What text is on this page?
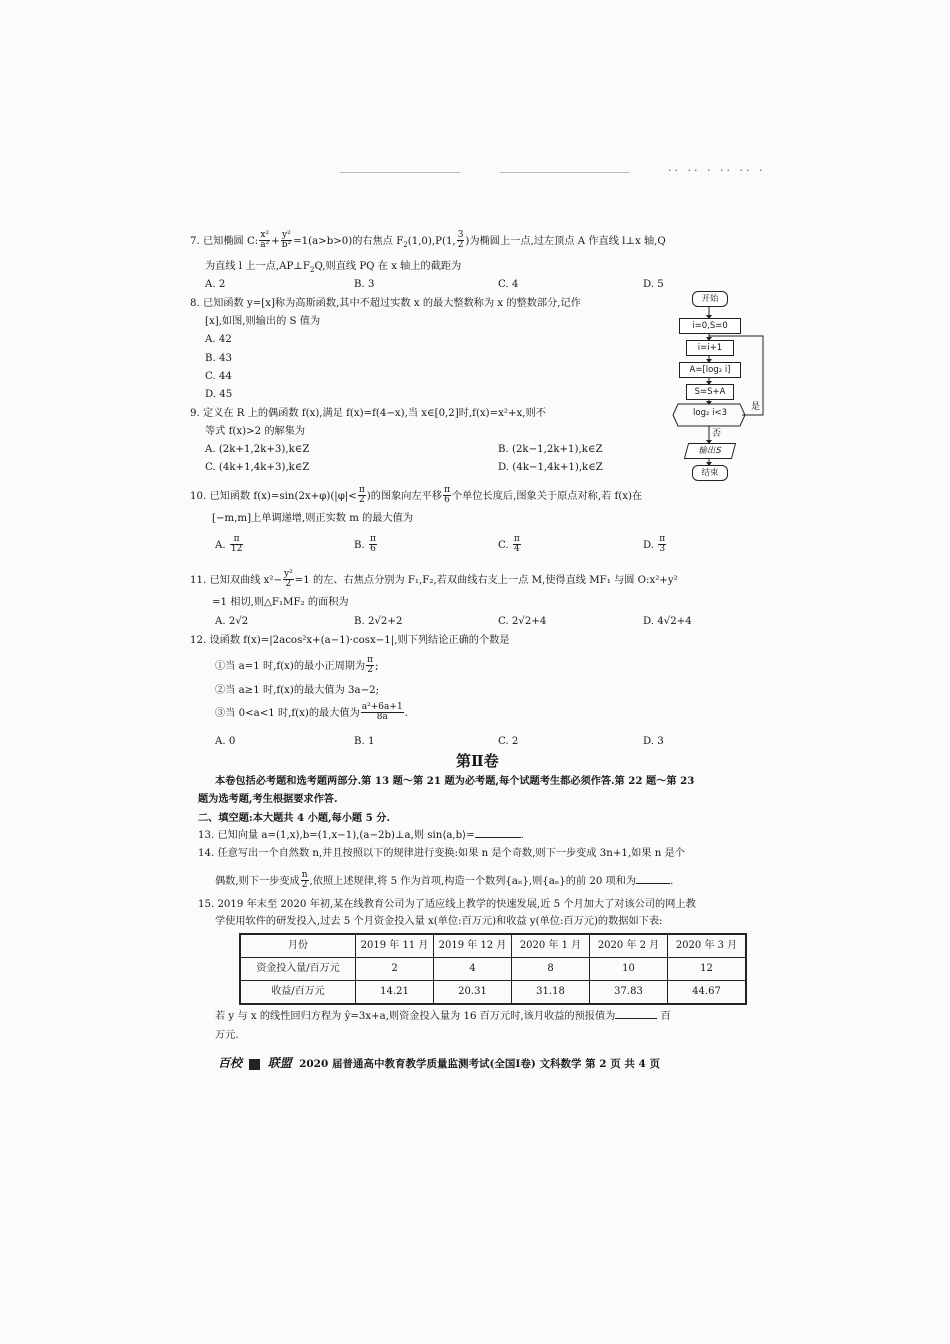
·· ·· · ·· ·· ·
7. 已知椭圆 C: $\frac{\text{x²}}{\text{a²}} + \frac{\text{y²}}{\text{b²}} =1(a>b>0)$的右焦点 $F_2(1,0),P(1$, $\frac{3}{2}$ )为椭圆上一点,过左顶点 A 作直线 l⊥x 轴,Q
为直线 l 上一点$,AP\perp F_2Q$,则直线 PQ 在 x 轴上的截距为
A. 2	B. 3	C. 4	D. 5
8. 已知函数 y=[x]称为高斯函数,其中不超过实数 x 的最大整数称为 x 的整数部分,记作
[x],如图,则输出的 S 值为
A. 42
B. 43
C. 44
D. 45
开始
i=0,S=0
i=i+1
A=[log₂ i]
S=S+A
log₂ i<3
是
否
输出S
结束
9. 定义在 R 上的偶函数 f(x),满足 f(x)=f(4−x),当 x∈[0,2]时,f(x)=x²+x,则不
等式 f(x)>2 的解集为
A. (2k+1,2k+3),k∈Z	B. (2k−1,2k+1),k∈Z
C. (4k+1,4k+3),k∈Z	D. (4k−1,4k+1),k∈Z
10. 已知函数 $f(x)=\sin(2x+\varphi)(|\varphi|< \frac{\pi}{2}$ )的图象向左平移 $\frac{\pi}{6}$ 个单位长度后,图象关于原点对称,若 f(x)在
[−m,m]上单调递增,则正实数 m 的最大值为
A. $\frac{\pi}{12}$	B. $\frac{\pi}{6}$	C. $\frac{\pi}{4}$	D. $\frac{\pi}{3}$
11. 已知双曲线 $x^2- \frac{\text{y²}}{2} =1$ 的左、右焦点分别为 F₁,F₂,若双曲线右支上一点 M,使得直线 MF₁ 与圆 O:x²+y²
=1 相切,则△F₁MF₂ 的面积为
A. 2√2	B. 2√2+2	C. 2√2+4	D. 4√2+4
12. 设函数 f(x)=|2acos²x+(a−1)·cosx−1|,则下列结论正确的个数是
①当 a=1 时,f(x)的最小正周期为 $\frac{\pi}{2}$ ;
②当 a≥1 时,f(x)的最大值为 3a−2;
③当 0<a<1 时,f(x)的最大值为 $\frac{\text{a²+6a+1}}{8a}$ .
A. 0	B. 1	C. 2	D. 3
第Ⅱ卷
本卷包括必考题和选考题两部分.第 13 题～第 21 题为必考题,每个试题考生都必须作答.第 22 题～第 23
题为选考题,考生根据要求作答.
二、填空题:本大题共 4 小题,每小题 5 分.
13. 已知向量 a=(1,x),b=(1,x−1),(a−2b)⊥a,则 sin⟨a,b⟩=	.
14. 任意写出一个自然数 n,并且按照以下的规律进行变换:如果 n 是个奇数,则下一步变成 3n+1,如果 n 是个
偶数,则下一步变成 $\frac{n}{2}$ ,依照上述规律,将 5 作为首项,构造一个数列{aₙ},则{aₙ}的前 20 项和为	.
15. 2019 年末至 2020 年初,某在线教育公司为了适应线上教学的快速发展,近 5 个月加大了对该公司的网上教
学使用软件的研发投入,过去 5 个月资金投入量 x(单位:百万元)和收益 y(单位:百万元)的数据如下表:
月份	2019 年 11 月	2019 年 12 月	2020 年 1 月	2020 年 2 月	2020 年 3 月
资金投入量/百万元	2	4	8	10	12
收益/百万元	14.21	20.31	31.18	37.83	44.67
若 y 与 x 的线性回归方程为 ŷ=3x+a,则资金投入量为 16 百万元时,该月收益的预报值为	百
万元.
百校 联盟 2020 届普通高中教育教学质量监测考试(全国Ⅰ卷) 文科数学 第 2 页 共 4 页
